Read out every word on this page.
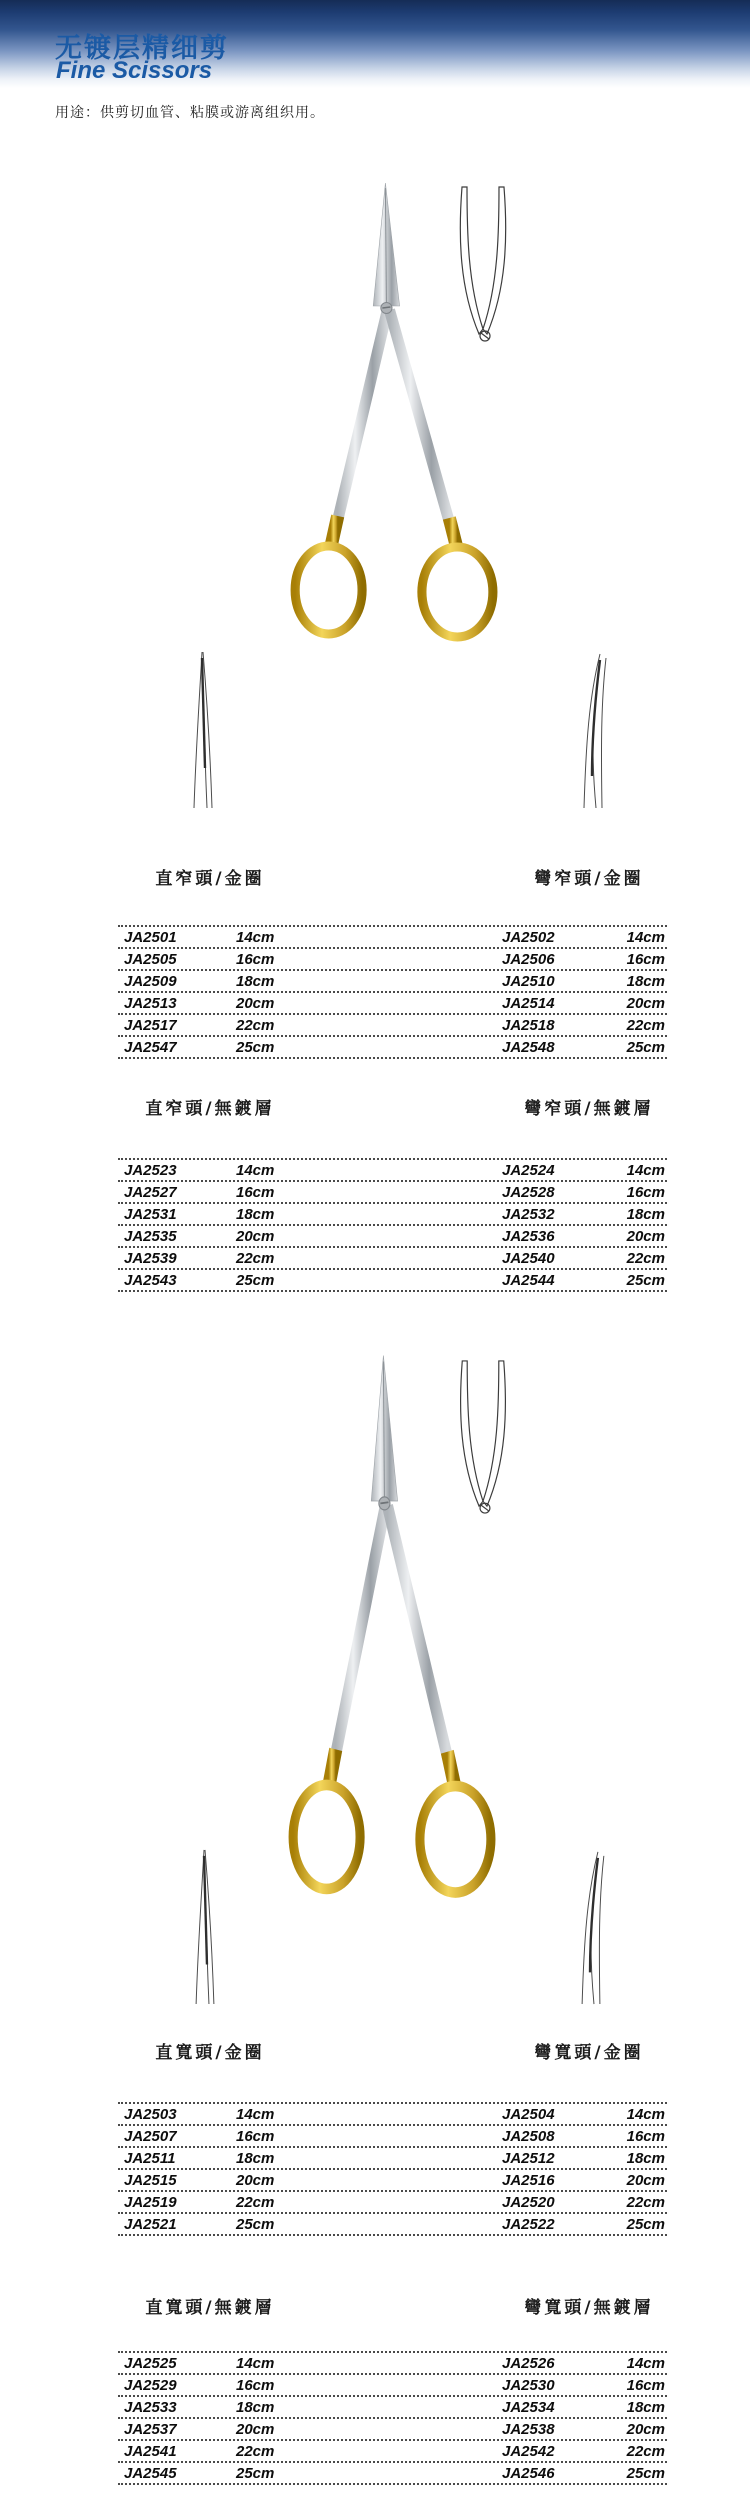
无镀层精细剪
Fine Scissors
用途：供剪切血管、粘膜或游离组织用。
直窄頭/金圈	彎窄頭/金圈
JA2501	14cm	JA2502	14cm
JA2505	16cm	JA2506	16cm
JA2509	18cm	JA2510	18cm
JA2513	20cm	JA2514	20cm
JA2517	22cm	JA2518	22cm
JA2547	25cm	JA2548	25cm
直窄頭/無鍍層	彎窄頭/無鍍層
JA2523	14cm	JA2524	14cm
JA2527	16cm	JA2528	16cm
JA2531	18cm	JA2532	18cm
JA2535	20cm	JA2536	20cm
JA2539	22cm	JA2540	22cm
JA2543	25cm	JA2544	25cm
直寬頭/金圈	彎寬頭/金圈
JA2503	14cm	JA2504	14cm
JA2507	16cm	JA2508	16cm
JA2511	18cm	JA2512	18cm
JA2515	20cm	JA2516	20cm
JA2519	22cm	JA2520	22cm
JA2521	25cm	JA2522	25cm
直寬頭/無鍍層	彎寬頭/無鍍層
JA2525	14cm	JA2526	14cm
JA2529	16cm	JA2530	16cm
JA2533	18cm	JA2534	18cm
JA2537	20cm	JA2538	20cm
JA2541	22cm	JA2542	22cm
JA2545	25cm	JA2546	25cm
